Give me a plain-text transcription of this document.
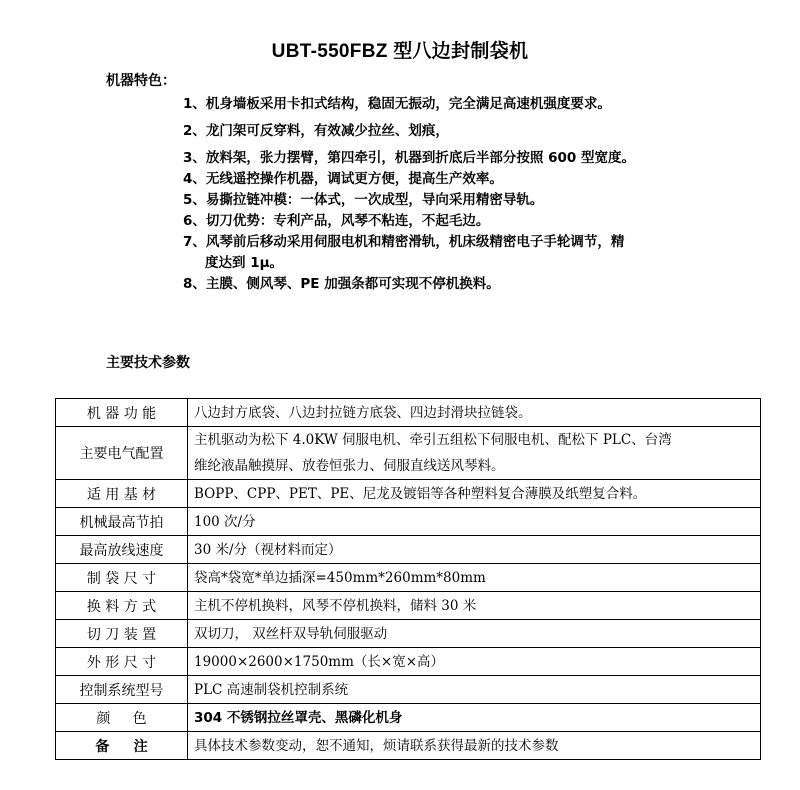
UBT-550FBZ 型八边封制袋机
机器特色：
1、机身墙板采用卡扣式结构，稳固无振动，完全满足高速机强度要求。
2、龙门架可反穿料，有效减少拉丝、划痕，
3、放料架，张力摆臂，第四牵引，机器到折底后半部分按照 600 型宽度。
4、无线遥控操作机器，调试更方便，提高生产效率。
5、易撕拉链冲模：一体式，一次成型，导向采用精密导轨。
6、切刀优势：专利产品，风琴不粘连，不起毛边。
7、风琴前后移动采用伺服电机和精密滑轨，机床级精密电子手轮调节，精
度达到 1μ。
8、主膜、侧风琴、PE 加强条都可实现不停机换料。
主要技术参数
机 器 功 能	八边封方底袋、八边封拉链方底袋、四边封滑块拉链袋。
主要电气配置	主机驱动为松下 4.0KW 伺服电机、牵引五组松下伺服电机、配松下 PLC、台湾
维纶液晶触摸屏、放卷恒张力、伺服直线送风琴料。

适 用 基 材	BOPP、CPP、PET、PE、尼龙及镀铝等各种塑料复合薄膜及纸塑复合料。
机械最高节拍	100 次/分
最高放线速度	30 米/分（视材料而定）
制 袋 尺 寸	袋高*袋宽*单边插深=450mm*260mm*80mm
换 料 方 式	主机不停机换料，风琴不停机换料，储料 30 米
切 刀 装 置	双切刀， 双丝杆双导轨伺服驱动
外 形 尺 寸	19000×2600×1750mm（长×宽×高）
控制系统型号	PLC 高速制袋机控制系统
颜     色	304 不锈钢拉丝罩壳、黑磷化机身
备     注	具体技术参数变动，恕不通知，烦请联系获得最新的技术参数
